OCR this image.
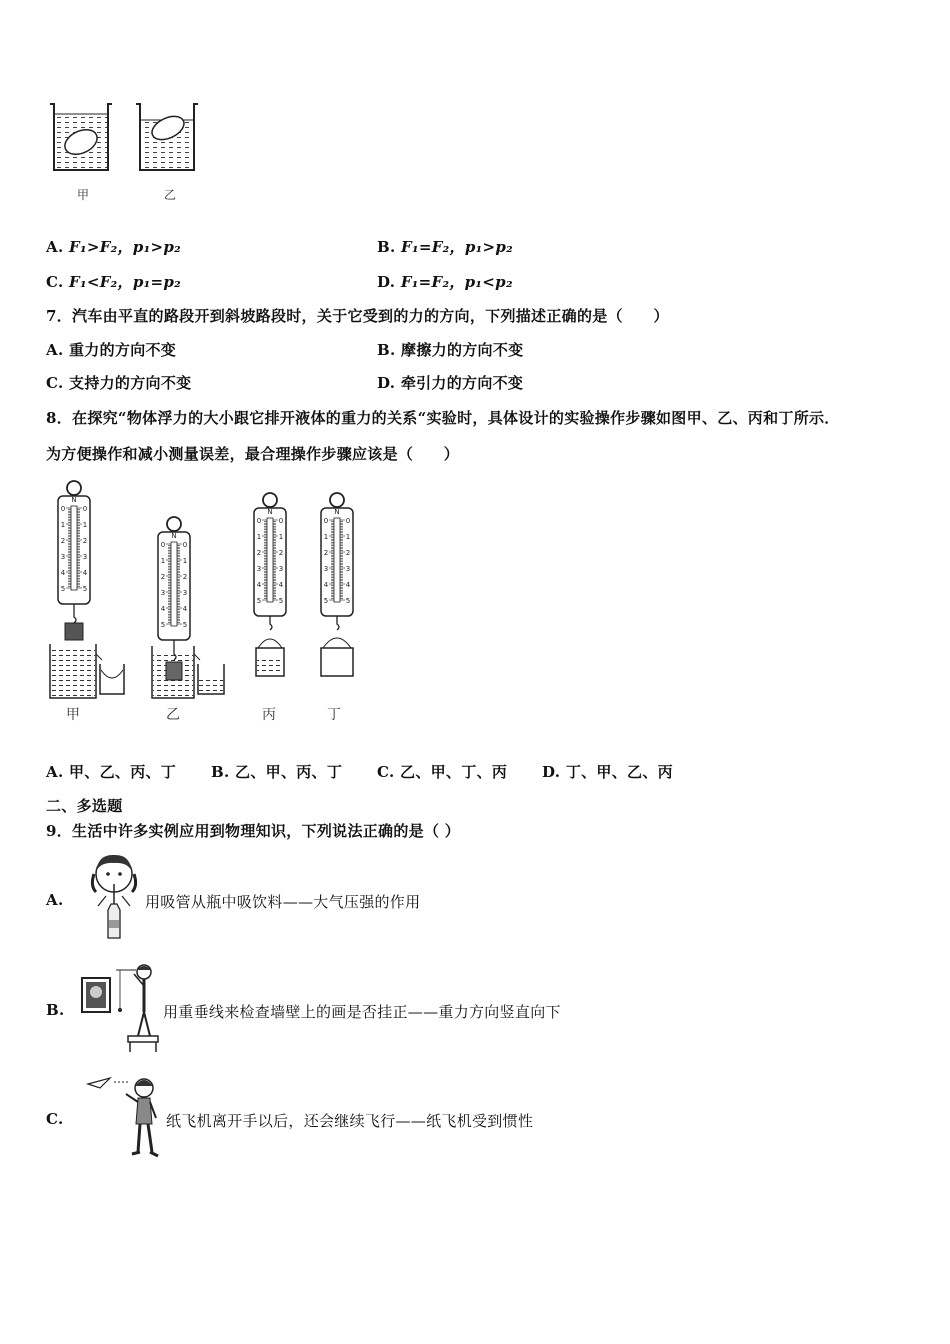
甲	乙
A. F₁>F₂，p₁>p₂	B. F₁=F₂，p₁>p₂
C. F₁<F₂，p₁=p₂	D. F₁=F₂，p₁<p₂
7．汽车由平直的路段开到斜坡路段时，关于它受到的力的方向，下列描述正确的是（　　）
A. 重力的方向不变	B. 摩擦力的方向不变
C. 支持力的方向不变	D. 牵引力的方向不变
8．在探究“物体浮力的大小跟它排开液体的重力的关系“实验时，具体设计的实验操作步骤如图甲、乙、丙和丁所示．
为方便操作和减小测量误差，最合理操作步骤应该是（　　）
N
0	0
1	1
2	2
3	3
4	4
5	5
N
0	0
1	1
2	2
3	3
4	4
5	5
N
0	0
1	1
2	2
3	3
4	4
5	5
N
0	0
1	1
2	2
3	3
4	4
5	5
甲	乙	丙	丁
A. 甲、乙、丙、丁 B. 乙、甲、丙、丁 C. 乙、甲、丁、丙 D. 丁、甲、乙、丙
二、多选题
9．生活中许多实例应用到物理知识，下列说法正确的是（ ）
A.	用吸管从瓶中吸饮料——大气压强的作用
B.	用重垂线来检查墙壁上的画是否挂正——重力方向竖直向下
C.	纸飞机离开手以后，还会继续飞行——纸飞机受到惯性
